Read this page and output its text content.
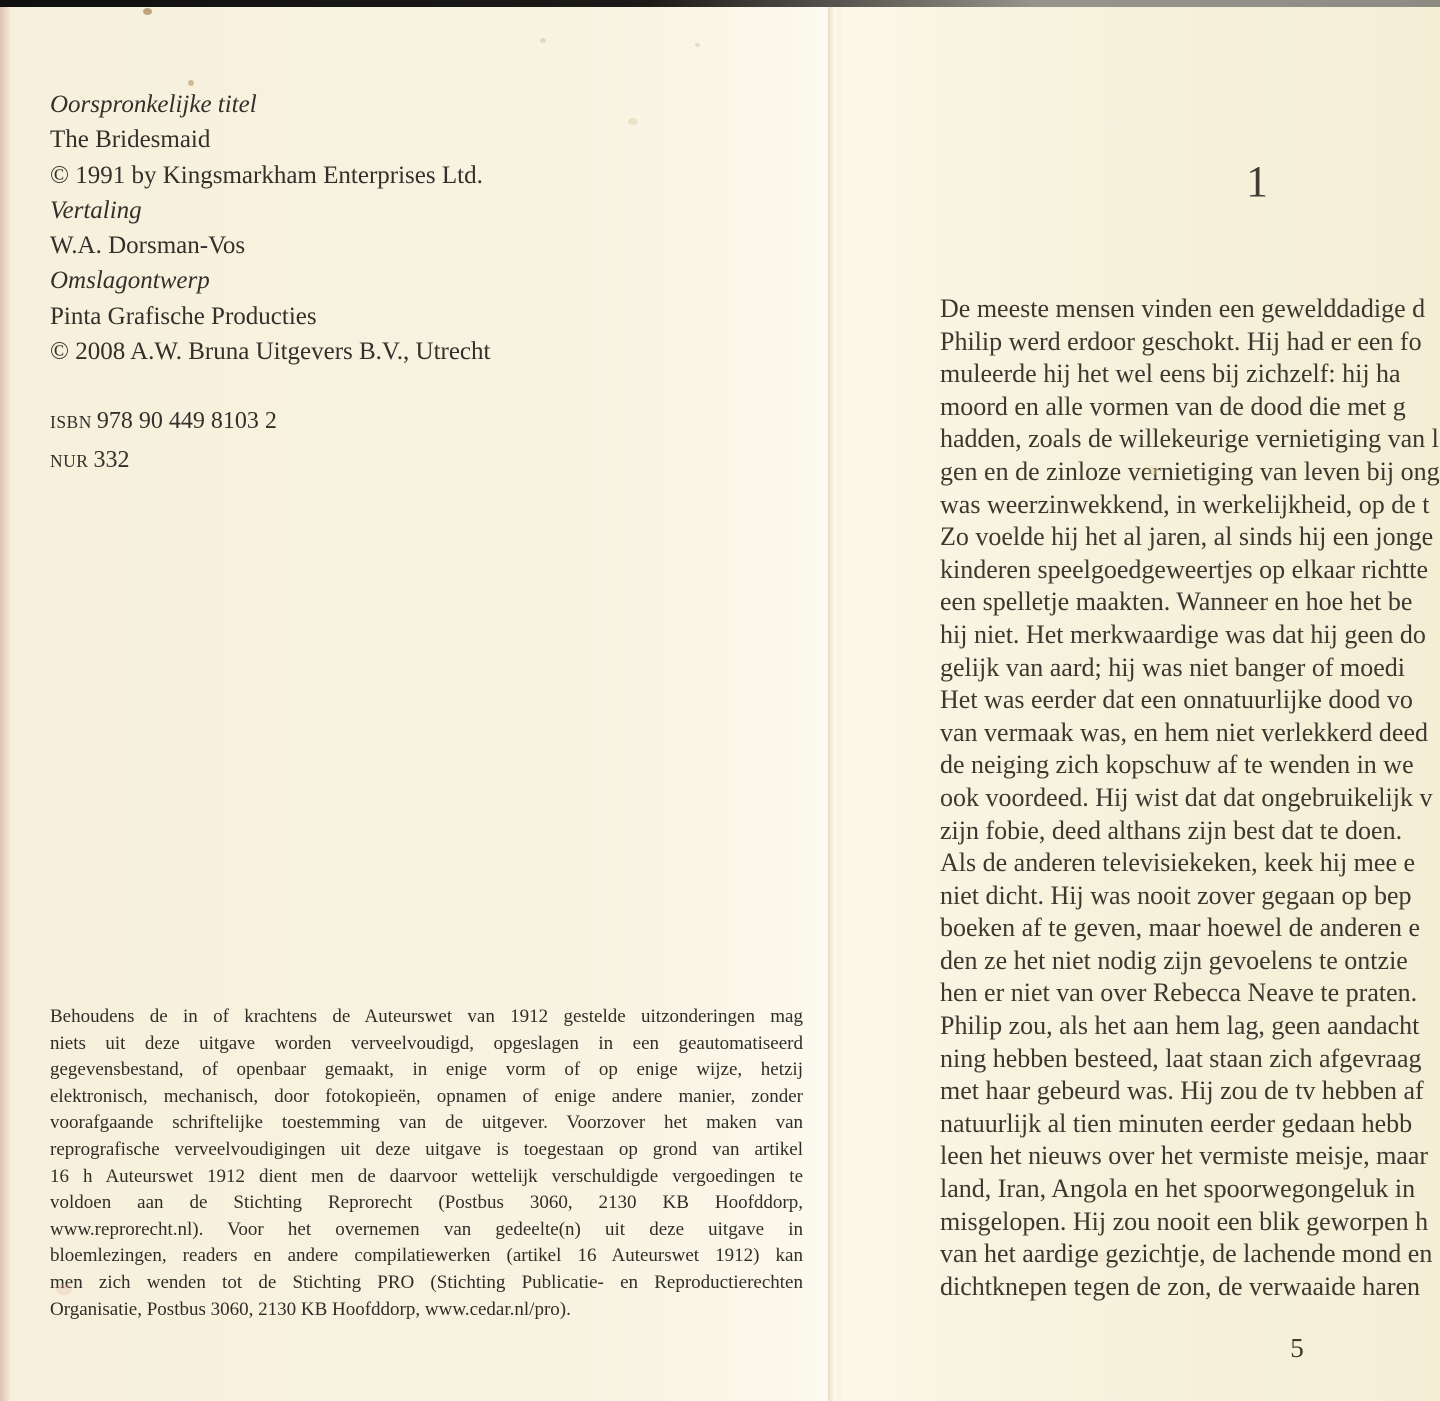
Oorspronkelijke titel
The Bridesmaid
© 1991 by Kingsmarkham Enterprises Ltd.
Vertaling
W.A. Dorsman-Vos
Omslagontwerp
Pinta Grafische Producties
© 2008 A.W. Bruna Uitgevers B.V., Utrecht
ISBN 978 90 449 8103 2
NUR 332
Behoudens de in of krachtens de Auteurswet van 1912 gestelde uitzonderingen mag
niets uit deze uitgave worden verveelvoudigd, opgeslagen in een geautomatiseerd
gegevensbestand, of openbaar gemaakt, in enige vorm of op enige wijze, hetzij
elektronisch, mechanisch, door fotokopieën, opnamen of enige andere manier, zonder
voorafgaande schriftelijke toestemming van de uitgever. Voorzover het maken van
reprografische verveelvoudigingen uit deze uitgave is toegestaan op grond van artikel
16 h Auteurswet 1912 dient men de daarvoor wettelijk verschuldigde vergoedingen te
voldoen aan de Stichting Reprorecht (Postbus 3060, 2130 KB Hoofddorp,
www.reprorecht.nl). Voor het overnemen van gedeelte(n) uit deze uitgave in
bloemlezingen, readers en andere compilatiewerken (artikel 16 Auteurswet 1912) kan
men zich wenden tot de Stichting PRO (Stichting Publicatie- en Reproductierechten
Organisatie, Postbus 3060, 2130 KB Hoofddorp, www.cedar.nl/pro).
1
De meeste mensen vinden een gewelddadige d
Philip werd erdoor geschokt. Hij had er een fo
muleerde hij het wel eens bij zichzelf: hij ha
moord en alle vormen van de dood die met g
hadden, zoals de willekeurige vernietiging van l
gen en de zinloze vernietiging van leven bij ong
was weerzinwekkend, in werkelijkheid, op de t
Zo voelde hij het al jaren, al sinds hij een jonge
kinderen speelgoedgeweertjes op elkaar richtte
een spelletje maakten. Wanneer en hoe het be
hij niet. Het merkwaardige was dat hij geen do
gelijk van aard; hij was niet banger of moedi
Het was eerder dat een onnatuurlijke dood vo
van vermaak was, en hem niet verlekkerd deed
de neiging zich kopschuw af te wenden in we
ook voordeed. Hij wist dat dat ongebruikelijk v
zijn fobie, deed althans zijn best dat te doen.
Als de anderen televisiekeken, keek hij mee e
niet dicht. Hij was nooit zover gegaan op bep
boeken af te geven, maar hoewel de anderen e
den ze het niet nodig zijn gevoelens te ontzie
hen er niet van over Rebecca Neave te praten.
Philip zou, als het aan hem lag, geen aandacht
ning hebben besteed, laat staan zich afgevraag
met haar gebeurd was. Hij zou de tv hebben af
natuurlijk al tien minuten eerder gedaan hebb
leen het nieuws over het vermiste meisje, maar
land, Iran, Angola en het spoorwegongeluk in
misgelopen. Hij zou nooit een blik geworpen h
van het aardige gezichtje, de lachende mond en
dichtknepen tegen de zon, de verwaaide haren
5
